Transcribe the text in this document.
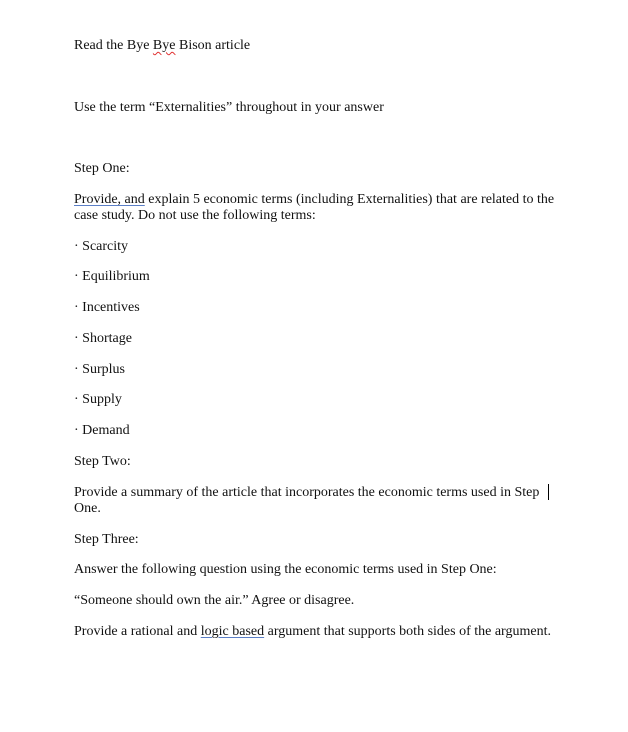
Read the Bye Bye Bison article
Use the term “Externalities” throughout in your answer
Step One:
Provide, and explain 5 economic terms (including Externalities) that are related to the case study. Do not use the following terms:
· Scarcity
· Equilibrium
· Incentives
· Shortage
· Surplus
· Supply
· Demand
Step Two:
Provide a summary of the article that incorporates the economic terms used in Step One.
Step Three:
Answer the following question using the economic terms used in Step One:
“Someone should own the air.” Agree or disagree.
Provide a rational and logic based argument that supports both sides of the argument.
